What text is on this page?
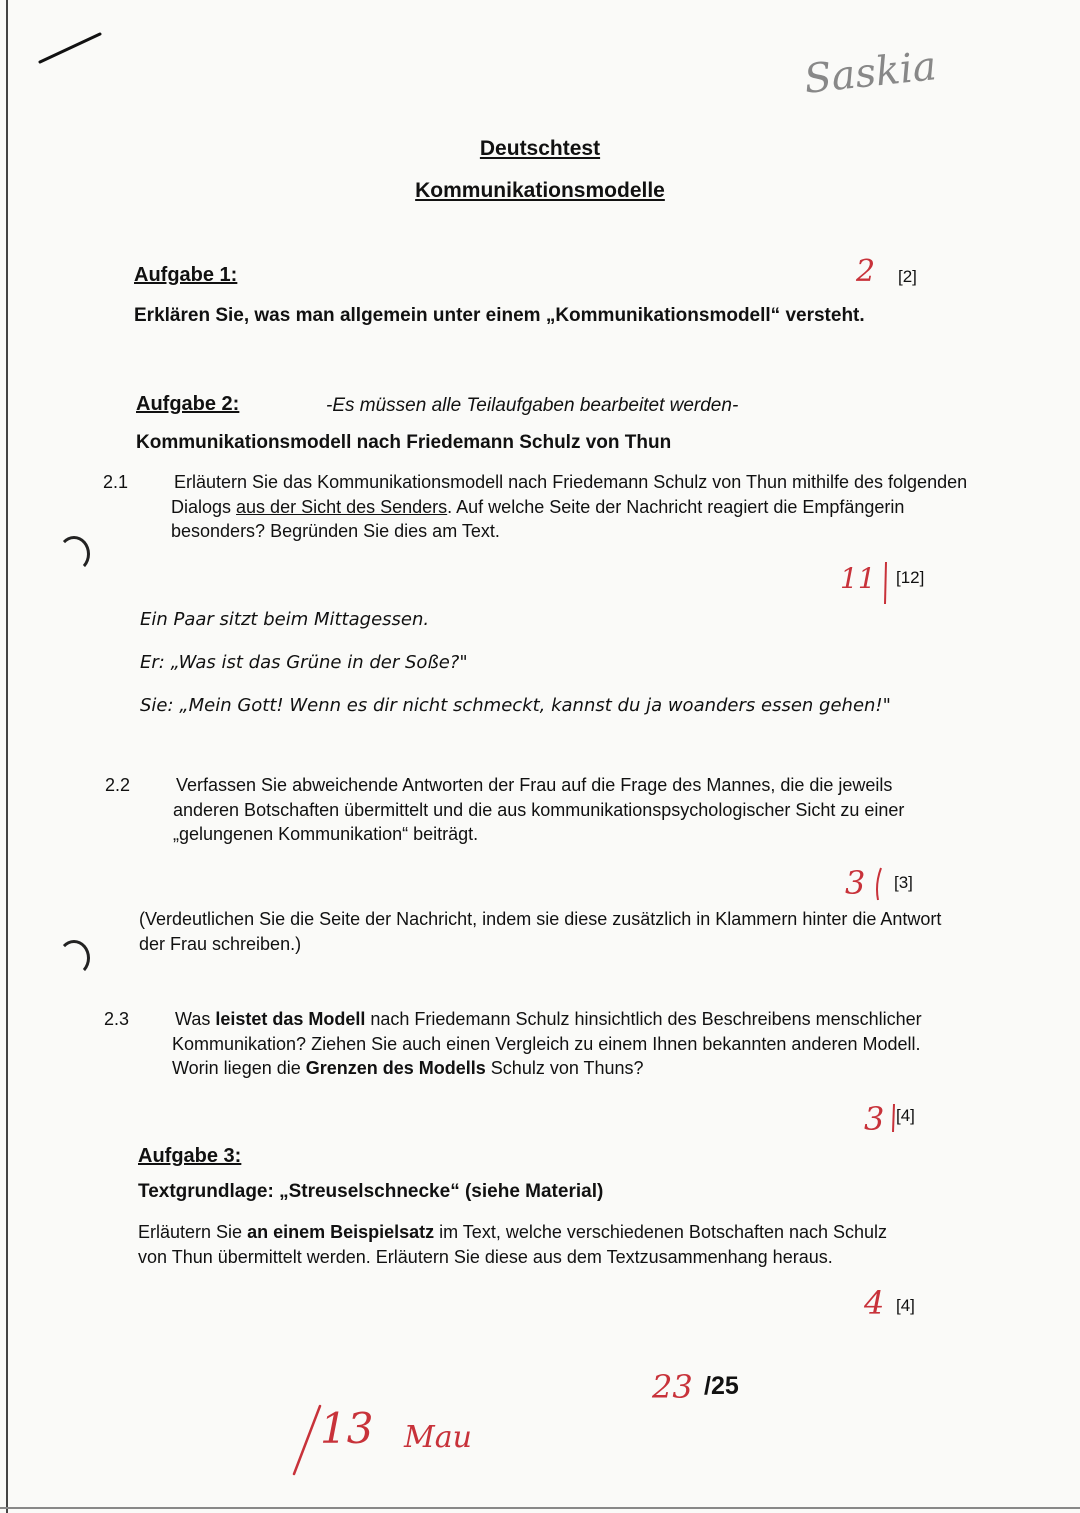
Saskia
Deutschtest
Kommunikationsmodelle
Aufgabe 1:	2 [2]
Erklären Sie, was man allgemein unter einem „Kommunikationsmodell“ versteht.
Aufgabe 2:	-Es müssen alle Teilaufgaben bearbeitet werden-
Kommunikationsmodell nach Friedemann Schulz von Thun
2.1	Erläutern Sie das Kommunikationsmodell nach Friedemann Schulz von Thun mithilfe des folgenden Dialogs aus der Sicht des Senders. Auf welche Seite der Nachricht reagiert die Empfängerin besonders? Begründen Sie dies am Text.
11 [12]
Ein Paar sitzt beim Mittagessen.
Er: „Was ist das Grüne in der Soße?"
Sie: „Mein Gott! Wenn es dir nicht schmeckt, kannst du ja woanders essen gehen!"
2.2	Verfassen Sie abweichende Antworten der Frau auf die Frage des Mannes, die die jeweils anderen Botschaften übermittelt und die aus kommunikationspsychologischer Sicht zu einer „gelungenen Kommunikation“ beiträgt.
3 [3]
(Verdeutlichen Sie die Seite der Nachricht, indem sie diese zusätzlich in Klammern hinter die Antwort der Frau schreiben.)
2.3	Was leistet das Modell nach Friedemann Schulz hinsichtlich des Beschreibens menschlicher Kommunikation? Ziehen Sie auch einen Vergleich zu einem Ihnen bekannten anderen Modell. Worin liegen die Grenzen des Modells Schulz von Thuns?
3 [4]
Aufgabe 3:
Textgrundlage: „Streuselschnecke“ (siehe Material)
Erläutern Sie an einem Beispielsatz im Text, welche verschiedenen Botschaften nach Schulz von Thun übermittelt werden. Erläutern Sie diese aus dem Textzusammenhang heraus.
4 [4]
23 /25
13 Mau
